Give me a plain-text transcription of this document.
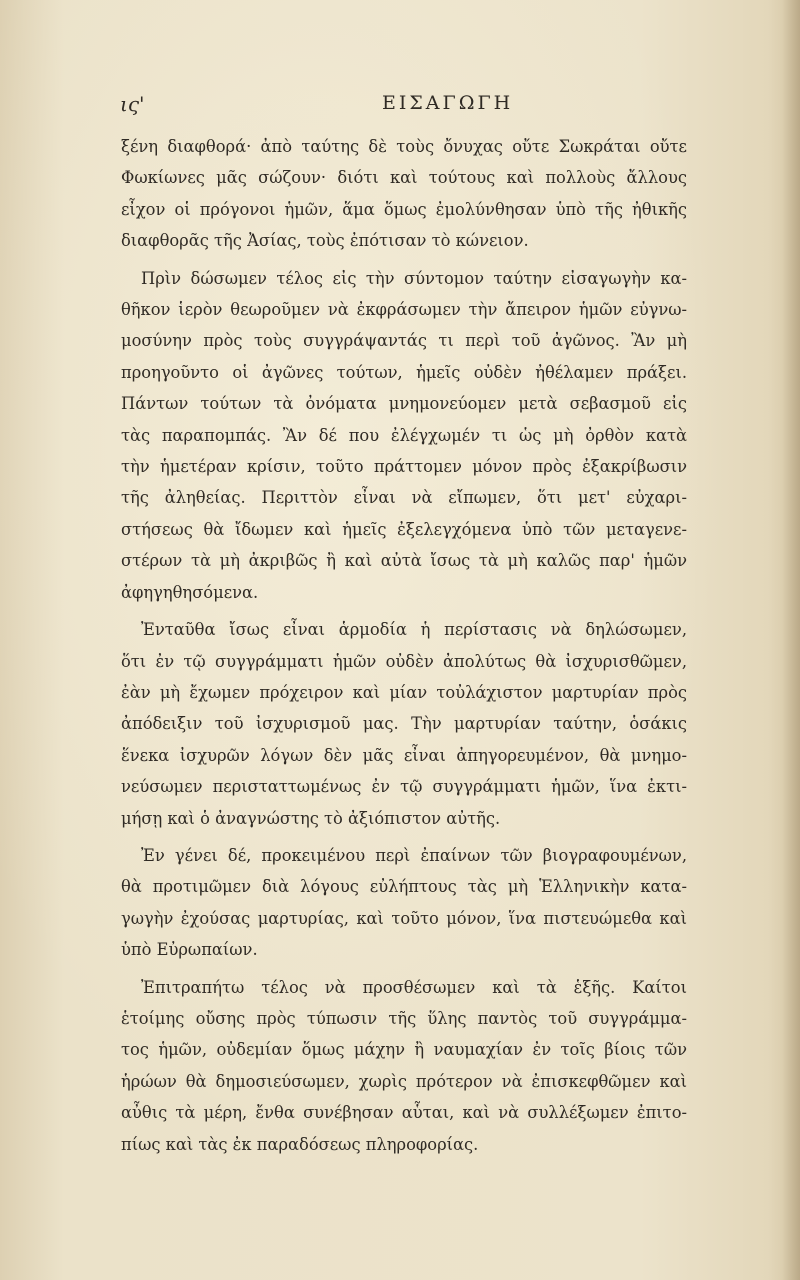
ις'	ΕΙΣΑΓΩΓΗ
ξένη διαφθορά· ἀπὸ ταύτης δὲ τοὺς ὄνυχας οὔτε Σωκράται οὔτε
Φωκίωνες μᾶς σώζουν· διότι καὶ τούτους καὶ πολλοὺς ἄλλους
εἶχον οἱ πρόγονοι ἡμῶν, ἅμα ὅμως ἐμολύνθησαν ὑπὸ τῆς ἠθικῆς
διαφθορᾶς τῆς Ἀσίας, τοὺς ἐπότισαν τὸ κώνειον.
Πρὶν δώσωμεν τέλος εἰς τὴν σύντομον ταύτην εἰσαγωγὴν κα-
θῆκον ἱερὸν θεωροῦμεν νὰ ἐκφράσωμεν τὴν ἄπειρον ἡμῶν εὐγνω-
μοσύνην πρὸς τοὺς συγγράψαντάς τι περὶ τοῦ ἀγῶνος. Ἂν μὴ
προηγοῦντο οἱ ἀγῶνες τούτων, ἡμεῖς οὐδὲν ἠθέλαμεν πράξει.
Πάντων τούτων τὰ ὀνόματα μνημονεύομεν μετὰ σεβασμοῦ εἰς
τὰς παραπομπάς. Ἂν δέ που ἐλέγχωμέν τι ὡς μὴ ὀρθὸν κατὰ
τὴν ἡμετέραν κρίσιν, τοῦτο πράττομεν μόνον πρὸς ἐξακρίβωσιν
τῆς ἀληθείας. Περιττὸν εἶναι νὰ εἴπωμεν, ὅτι μετ' εὐχαρι-
στήσεως θὰ ἴδωμεν καὶ ἡμεῖς ἐξελεγχόμενα ὑπὸ τῶν μεταγενε-
στέρων τὰ μὴ ἀκριβῶς ἢ καὶ αὐτὰ ἴσως τὰ μὴ καλῶς παρ' ἡμῶν
ἀφηγηθησόμενα.
Ἐνταῦθα ἴσως εἶναι ἁρμοδία ἡ περίστασις νὰ δηλώσωμεν,
ὅτι ἐν τῷ συγγράμματι ἡμῶν οὐδὲν ἀπολύτως θὰ ἰσχυρισθῶμεν,
ἐὰν μὴ ἔχωμεν πρόχειρον καὶ μίαν τοὐλάχιστον μαρτυρίαν πρὸς
ἀπόδειξιν τοῦ ἰσχυρισμοῦ μας. Τὴν μαρτυρίαν ταύτην, ὁσάκις
ἕνεκα ἰσχυρῶν λόγων δὲν μᾶς εἶναι ἀπηγορευμένον, θὰ μνημο-
νεύσωμεν περισταττωμένως ἐν τῷ συγγράμματι ἡμῶν, ἵνα ἐκτι-
μήσῃ καὶ ὁ ἀναγνώστης τὸ ἀξιόπιστον αὐτῆς.
Ἐν γένει δέ, προκειμένου περὶ ἐπαίνων τῶν βιογραφουμένων,
θὰ προτιμῶμεν διὰ λόγους εὐλήπτους τὰς μὴ Ἑλληνικὴν κατα-
γωγὴν ἐχούσας μαρτυρίας, καὶ τοῦτο μόνον, ἵνα πιστευώμεθα καὶ
ὑπὸ Εὐρωπαίων.
Ἐπιτραπήτω τέλος νὰ προσθέσωμεν καὶ τὰ ἑξῆς. Καίτοι
ἑτοίμης οὔσης πρὸς τύπωσιν τῆς ὕλης παντὸς τοῦ συγγράμμα-
τος ἡμῶν, οὐδεμίαν ὅμως μάχην ἢ ναυμαχίαν ἐν τοῖς βίοις τῶν
ἡρώων θὰ δημοσιεύσωμεν, χωρὶς πρότερον νὰ ἐπισκεφθῶμεν καὶ
αὖθις τὰ μέρη, ἔνθα συνέβησαν αὗται, καὶ νὰ συλλέξωμεν ἐπιτο-
πίως καὶ τὰς ἐκ παραδόσεως πληροφορίας.
